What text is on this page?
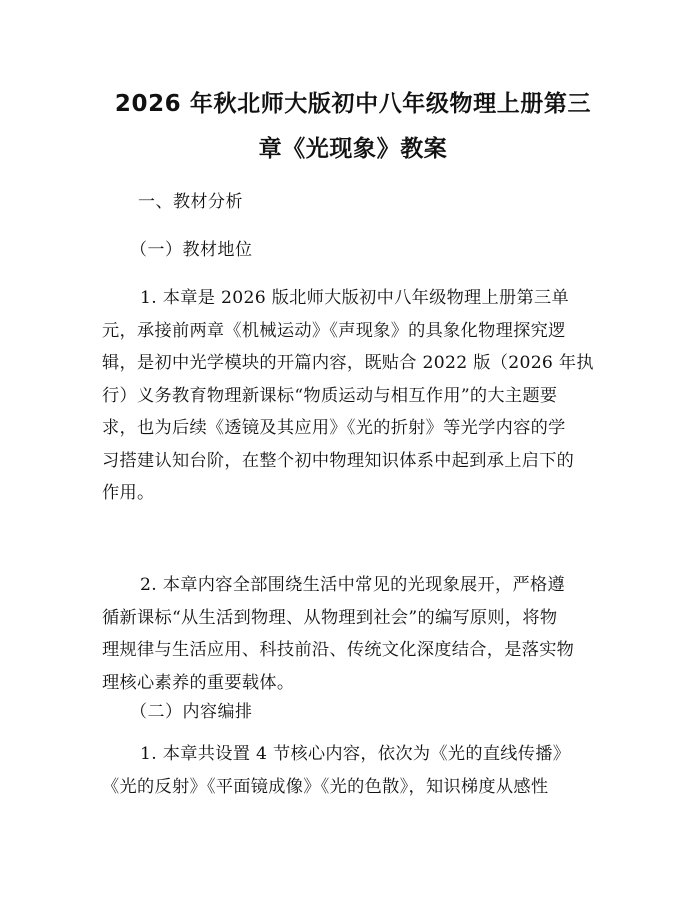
2026 年秋北师大版初中八年级物理上册第三
章《光现象》教案
一、教材分析
（一）教材地位
1. 本章是 2026 版北师大版初中八年级物理上册第三单
元，承接前两章《机械运动》《声现象》的具象化物理探究逻
辑，是初中光学模块的开篇内容，既贴合 2022 版（2026 年执
行）义务教育物理新课标“物质运动与相互作用”的大主题要
求，也为后续《透镜及其应用》《光的折射》等光学内容的学
习搭建认知台阶，在整个初中物理知识体系中起到承上启下的
作用。
2. 本章内容全部围绕生活中常见的光现象展开，严格遵
循新课标“从生活到物理、从物理到社会”的编写原则，将物
理规律与生活应用、科技前沿、传统文化深度结合，是落实物
理核心素养的重要载体。
（二）内容编排
1. 本章共设置 4 节核心内容，依次为《光的直线传播》
《光的反射》《平面镜成像》《光的色散》，知识梯度从感性
